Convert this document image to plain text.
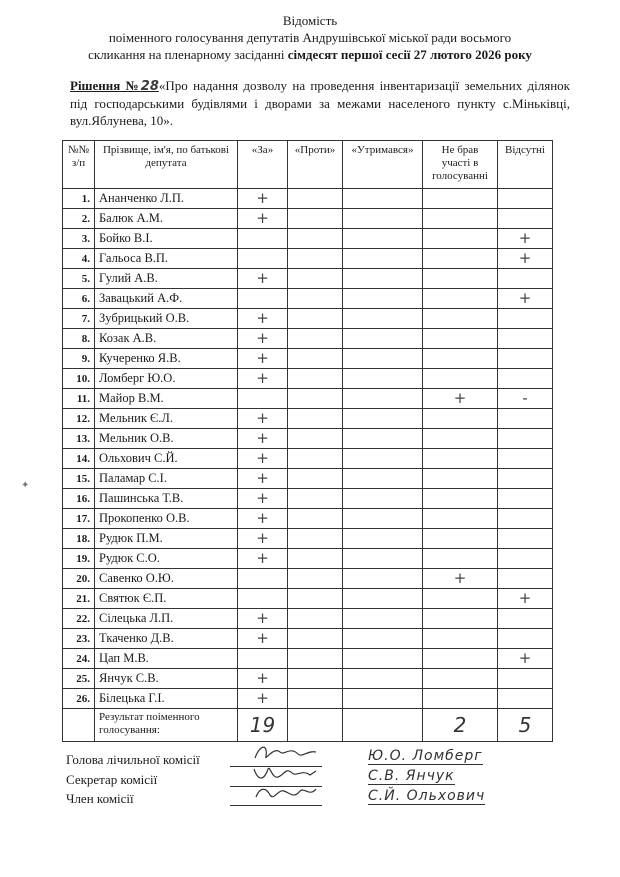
Відомість
поіменного голосування депутатів Андрушівської міської ради восьмого
скликання на пленарному засіданні сімдесят першої сесії 27 лютого 2026 року
Рішення №28«Про надання дозволу на проведення інвентаризації земельних ділянок під господарськими будівлями і дворами за межами населеного пункту с.Міньківці, вул.Яблунева, 10».
№№ з/п	Прізвище, ім'я, по батькові депутата	«За»	«Проти»	«Утримався»	Не брав участі в голосуванні	Відсутні
1.	Ананченко Л.П.	+				
2.	Балюк А.М.	+				
3.	Бойко В.І.					+
4.	Гальоса В.П.					+
5.	Гулий А.В.	+				
6.	Завацький А.Ф.					+
7.	Зубрицький О.В.	+				
8.	Козак А.В.	+				
9.	Кучеренко Я.В.	+				
10.	Ломберг Ю.О.	+				
11.	Майор В.М.				+	-
12.	Мельник Є.Л.	+				
13.	Мельник О.В.	+				
14.	Ольхович С.Й.	+				
15.	Паламар С.І.	+				
16.	Пашинська Т.В.	+				
17.	Прокопенко О.В.	+				
18.	Рудюк П.М.	+				
19.	Рудюк С.О.	+				
20.	Савенко О.Ю.				+	
21.	Святюк Є.П.					+
22.	Сілецька Л.П.	+				
23.	Ткаченко Д.В.	+				
24.	Цап М.В.					+
25.	Янчук С.В.	+				
26.	Білецька Г.І.	+				
	Результат поіменного голосування:	19			2	5
✦
Голова лічильної комісії	Ю.О. Ломберг
Секретар комісії	С.В. Янчук
Член комісії	С.Й. Ольхович
